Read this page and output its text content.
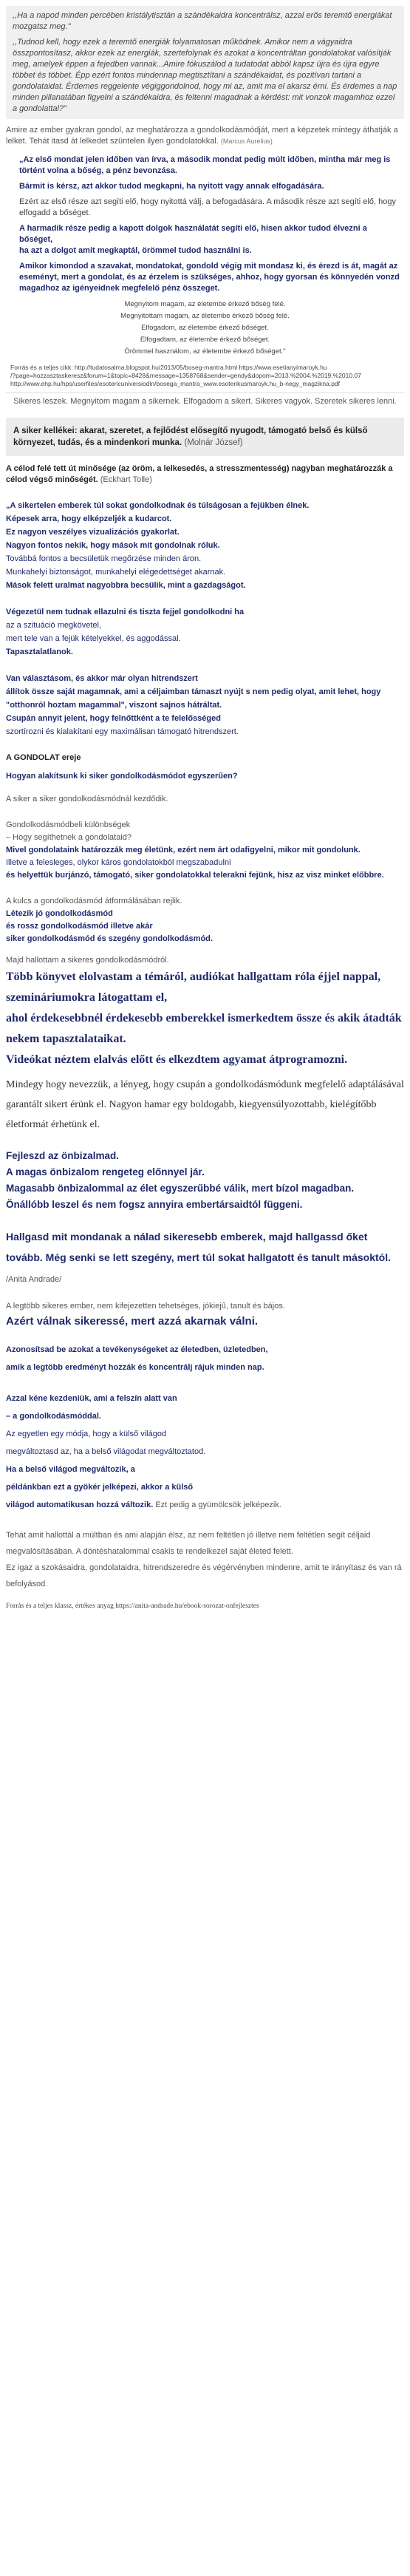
,,Ha a napod minden percében kristálytisztán a szándékaidra koncentrálsz, azzal erős teremtő energiákat mozgatsz meg."

,,Tudnod kell, hogy ezek a teremtő energiák folyamatosan működnek. Amikor nem a vágyaidra összpontosítasz, akkor ezek az energiák, szertefolynak és azokat a koncentráltan gondolatokat valósítják meg, amelyek éppen a fejedben vannak...Amire fókuszálod a tudatodat abból kapsz újra és újra egyre többet és többet. Épp ezért fontos mindennap megtisztítani a szándékaidat, és pozitívan tartani a gondolataidat. Érdemes reggelente végiggondolnod, hogy mi az, amit ma el akarsz érni. És érdemes a nap minden pillanatában figyelni a szándékaidra, és feltenni magadnak a kérdést: mit vonzok magamhoz ezzel a gondolattal?"

Amire az ember gyakran gondol, az meghatározza a gondolkodásmódját, mert a képzetek mintegy áthatják a lelket. Tehát itasd át lelkedet szüntelen ilyen gondolatokkal. (Marcus Aurelius)

„Az első mondat jelen időben van írva, a második mondat pedig múlt időben, mintha már meg is történt volna a bőség, a pénz bevonzása.

Bármit is kérsz, azt akkor tudod megkapni, ha nyitott vagy annak elfogadására.

Ezért az első része azt segíti elő, hogy nyitottá válj, a befogadására. A második része azt segíti elő, hogy elfogadd a bőséget.

A harmadik része pedig a kapott dolgok használatát segíti elő, hisen akkor tudod élvezni a bőséget,

ha azt a dolgot amit megkaptál, örömmel tudod használni is.

Amikor kimondod a szavakat, mondatokat, gondold végig mit mondasz ki, és érezd is át, magát az eseményt, mert a gondolat, és az érzelem is szükséges, ahhoz, hogy gyorsan és könnyedén vonzd magadhoz az igényeidnek megfelelő pénz összeget.

Megnyitom magam, az életembe érkező bőség felé.
Megnyitottam magam, az életembe érkező bőség felé.
Elfogadom, az életembe érkező bőséget.
Elfogadtam, az életembe érkező bőséget.
Örömmel használom, az életembe érkező bőséget."
Forrás és a teljes cikk: http://tudatosalma.blogspot.hu/2013/05/boseg-mantra.html https://www.esetianyimaroyk.hu
/?page=hozzasztaskeresz&forum=1&topic=8428&message=1358768&sender=gendy&dopom=2013.%2004.%2019.%2010.07
http://www.ehp.hu/hps/userfiles/esotericuniversiodin/bosega_mantra_www.esoterikusmaroyk.hu_b-negy_magzikna.pdf
Sikeres leszek. Megnyitom magam a sikernek. Elfogadom a sikert. Sikeres vagyok. Szeretek sikeres lenni.
A siker kellékei: akarat, szeretet, a fejlődést elősegítő nyugodt, támogató belső és külső környezet, tudás, és a mindenkori munka. (Molnár József)
A célod felé tett út minősége (az öröm, a lelkesedés, a stresszmentesség) nagyban meghatározzák a célod végső minőségét. (Eckhart Tolle)
„A sikertelen emberek túl sokat gondolkodnak és túlságosan a fejükben élnek.
Képesek arra, hogy elképzeljék a kudarcot.
Ez nagyon veszélyes vizualizációs gyakorlat.
Nagyon fontos nekik, hogy mások mit gondolnak róluk.
Továbbá fontos a becsületük megőrzése minden áron.
Munkahelyi biztonságot, munkahelyi elégedettséget akarnak.
Mások felett uralmat nagyobbra becsülik, mint a gazdagságot.
Végezetül nem tudnak ellazulni és tiszta fejjel gondolkodni ha
az a szituáció megkövetel,
mert tele van a fejük kételyekkel, és aggodással.
Tapasztalatlanok.
Van választásom, és akkor már olyan hitrendszert
állítok össze saját magamnak, ami a céljaimban támaszt nyújt s nem pedig olyat, amit lehet, hogy "otthonról hoztam magammal", viszont sajnos hátráltat.
Csupán annyit jelent, hogy felnőttként a te felelősséged
szortírozni és kialakítani egy maximálisan támogató hitrendszert.
A GONDOLAT ereje
Hogyan alakítsunk ki siker gondolkodásmódot egyszerűen?
A siker a siker gondolkodásmódnál kezdődik.
Gondolkodásmódbeli különbségek
– Hogy segíthetnek a gondolataid?
Mivel gondolataink határozzák meg életünk, ezért nem árt odafigyelni, mikor mit gondolunk.
Illetve a felesleges, olykor káros gondolatokból megszabadulni
és helyettük burjánzó, támogató, siker gondolatokkal telerakni fejünk, hisz az visz minket előbbre.
A kulcs a gondolkodásmód átformálásában rejlik.
Létezik jó gondolkodásmód
és rossz gondolkodásmód illetve akár
siker gondolkodásmód és szegény gondolkodásmód.
Majd hallottam a sikeres gondolkodásmódról.
Több könyvet elolvastam a témáról, audiókat hallgattam róla éjjel nappal,
szemináriumokra látogattam el,
ahol érdekesebbnél érdekesebb emberekkel ismerkedtem össze és akik átadták
nekem tapasztalataikat.
Videókat néztem elalvás előtt és elkezdtem agyamat átprogramozni.
Mindegy hogy nevezzük, a lényeg, hogy csupán a gondolkodásmódunk megfelelő adaptálásával garantált sikert érünk el. Nagyon hamar egy boldogabb, kiegyensúlyozottabb, kielégítőbb életformát érhetünk el.
Fejleszd az önbizalmad.
A magas önbizalom rengeteg előnnyel jár.
Magasabb önbizalommal az élet egyszerűbbé válik, mert bízol magadban.
Önállóbb leszel és nem fogsz annyira embertársaidtól függeni.
Hallgasd mit mondanak a nálad sikeresebb emberek, majd hallgassd őket
tovább. Még senki se lett szegény, mert túl sokat hallgatott és tanult másoktól. /Anita Andrade/
A legtöbb sikeres ember, nem kifejezetten tehetséges, jókiejű, tanult és bájos.
Azért válnak sikeressé, mert azzá akarnak válni.
Azonosítsad be azokat a tevékenységeket az életedben, üzletedben,
amik a legtöbb eredményt hozzák és koncentrálj rájuk minden nap.
Azzal kéne kezdeniük, ami a felszín alatt van
– a gondolkodásmóddal.
Az egyetlen egy módja, hogy a külső világod
megváltoztasd az, ha a belső világodat megváltoztatod.
Ha a belső világod megváltozik, a
példánkban ezt a gyökér jelképezi, akkor a külső
világod automatikusan hozzá változik. Ezt pedig a gyümölcsök jelképezik.
Tehát amit hallottál a múltban és ami alapján élsz, az nem feltétlen jó illetve nem feltétlen segít céljaid megvalósításában. A döntéshatalommal csakis te rendelkezel saját életed felett.
Ez igaz a szokásaidra, gondolataidra, hitrendszeredre és végérvényben mindenre, amit te irányítasz és van rá befolyásod.
Forrás és a teljes klassz, értékes anyag https://anita-andrade.hu/ebook-sorozat-onfejlesztes
